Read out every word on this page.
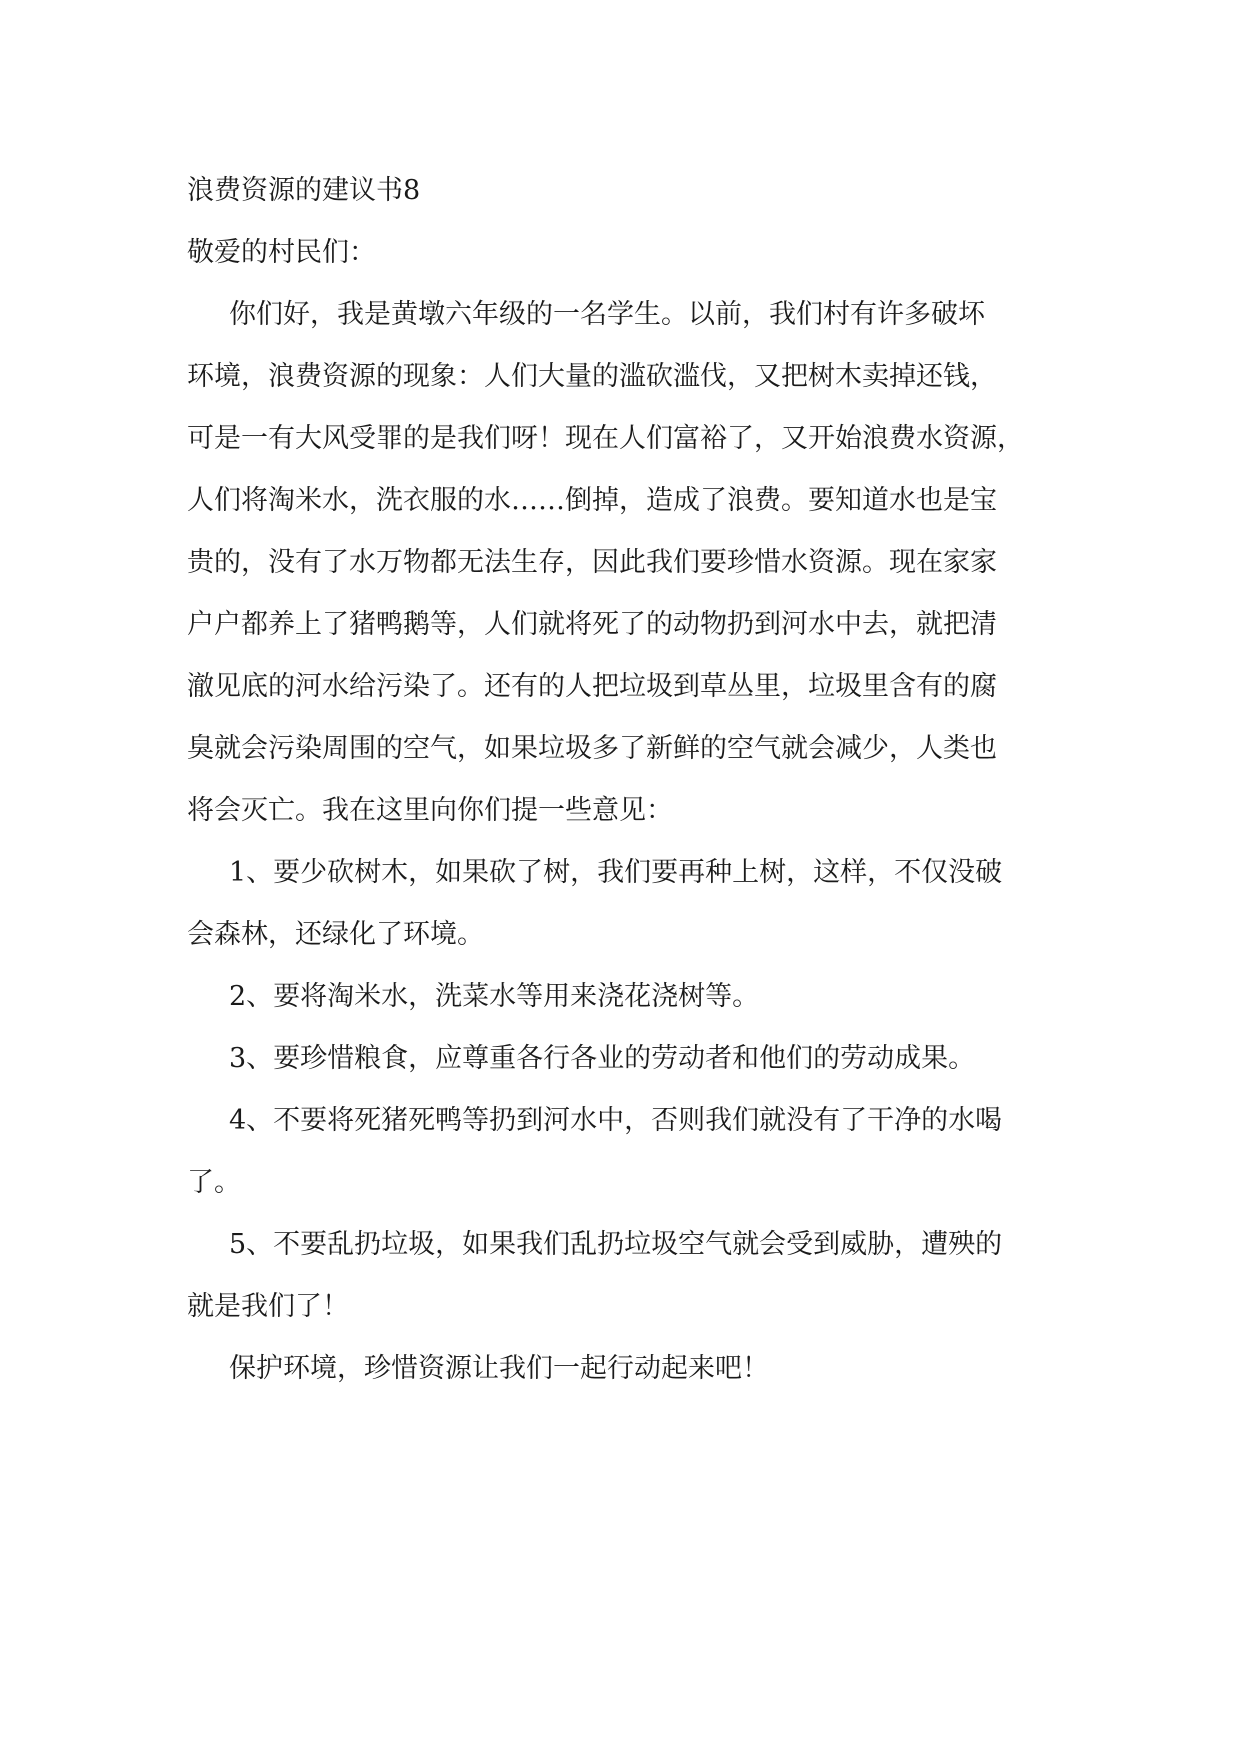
浪费资源的建议书8

敬爱的村民们：

你们好，我是黄墩六年级的一名学生。以前，我们村有许多破坏

环境，浪费资源的现象：人们大量的滥砍滥伐，又把树木卖掉还钱，

可是一有大风受罪的是我们呀！现在人们富裕了，又开始浪费水资源，

人们将淘米水，洗衣服的水……倒掉，造成了浪费。要知道水也是宝

贵的，没有了水万物都无法生存，因此我们要珍惜水资源。现在家家

户户都养上了猪鸭鹅等，人们就将死了的动物扔到河水中去，就把清

澈见底的河水给污染了。还有的人把垃圾到草丛里，垃圾里含有的腐

臭就会污染周围的空气，如果垃圾多了新鲜的空气就会减少，人类也

将会灭亡。我在这里向你们提一些意见：

1、要少砍树木，如果砍了树，我们要再种上树，这样，不仅没破

会森林，还绿化了环境。

2、要将淘米水，洗菜水等用来浇花浇树等。

3、要珍惜粮食，应尊重各行各业的劳动者和他们的劳动成果。

4、不要将死猪死鸭等扔到河水中，否则我们就没有了干净的水喝

了。

5、不要乱扔垃圾，如果我们乱扔垃圾空气就会受到威胁，遭殃的

就是我们了！

保护环境，珍惜资源让我们一起行动起来吧！
